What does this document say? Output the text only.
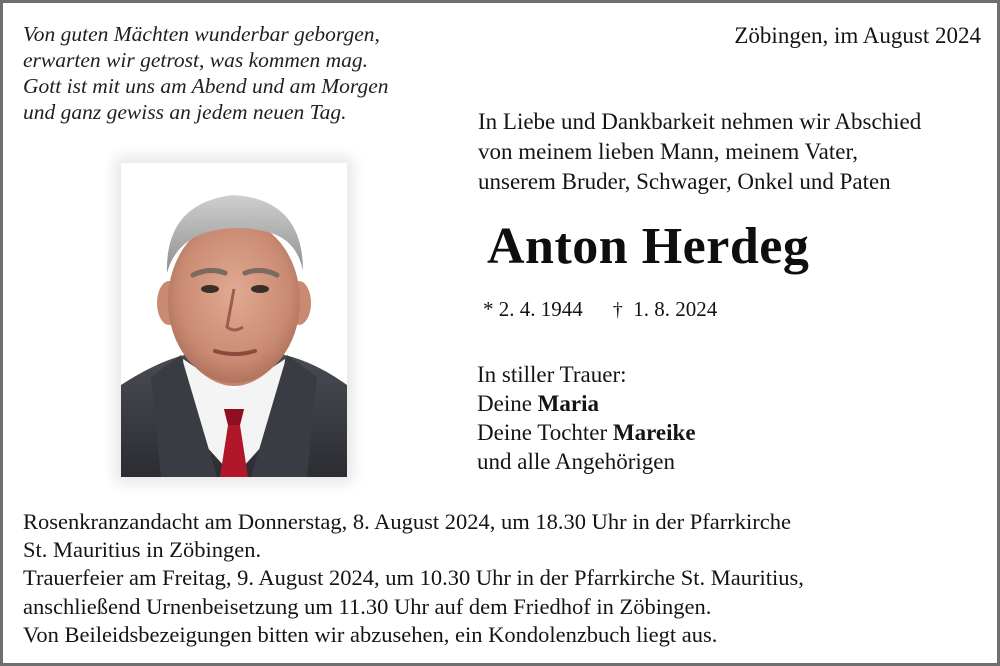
Von guten Mächten wunderbar geborgen,
erwarten wir getrost, was kommen mag.
Gott ist mit uns am Abend und am Morgen
und ganz gewiss an jedem neuen Tag.
Zöbingen, im August 2024
In Liebe und Dankbarkeit nehmen wir Abschied
von meinem lieben Mann, meinem Vater,
unserem Bruder, Schwager, Onkel und Paten
Anton Herdeg
* 2. 4. 1944 † 1. 8. 2024
In stiller Trauer:
Deine Maria
Deine Tochter Mareike
und alle Angehörigen
Rosenkranzandacht am Donnerstag, 8. August 2024, um 18.30 Uhr in der Pfarrkirche
St. Mauritius in Zöbingen.
Trauerfeier am Freitag, 9. August 2024, um 10.30 Uhr in der Pfarrkirche St. Mauritius,
anschließend Urnenbeisetzung um 11.30 Uhr auf dem Friedhof in Zöbingen.
Von Beileidsbezeigungen bitten wir abzusehen, ein Kondolenzbuch liegt aus.
